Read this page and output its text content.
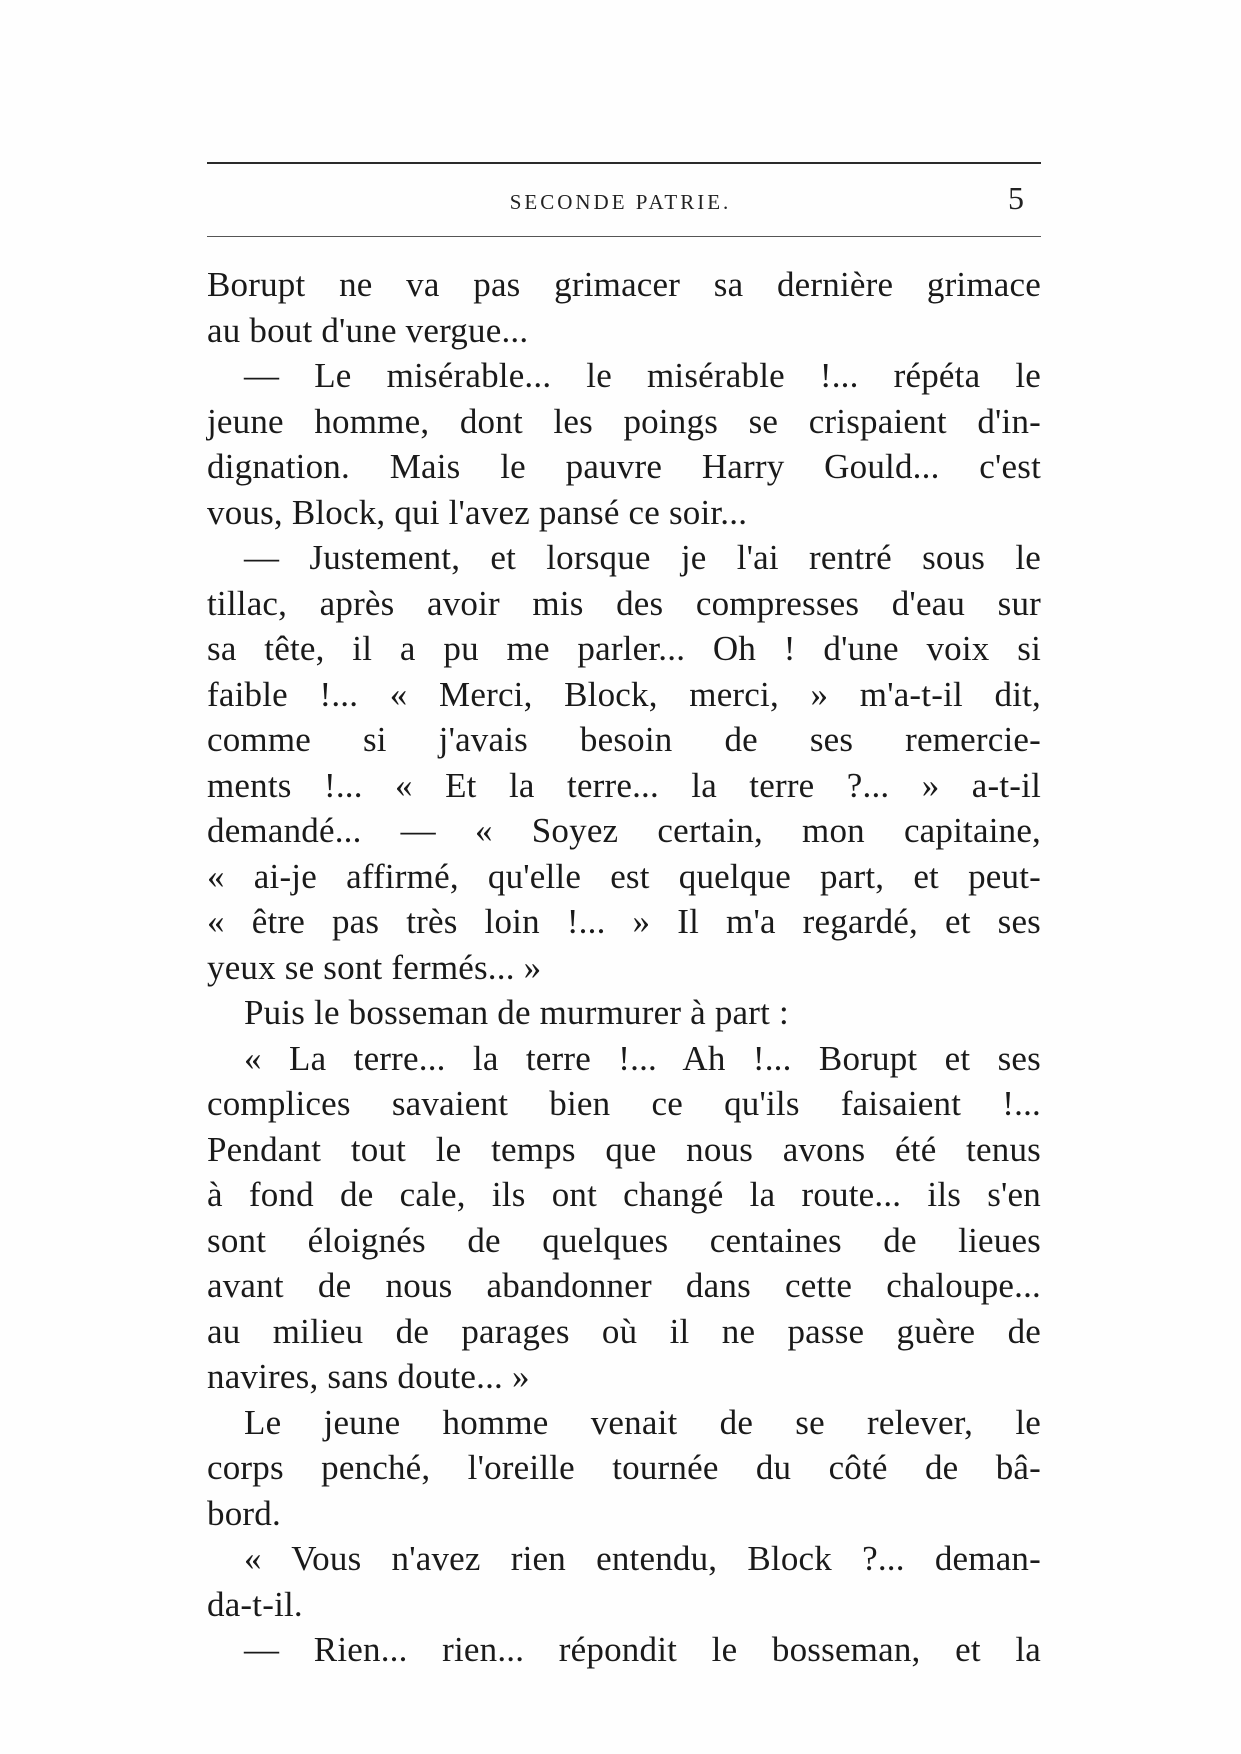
SECONDE PATRIE.	5
Borupt ne va pas grimacer sa dernière grimace
au bout d'une vergue...
— Le misérable... le misérable !... répéta le
jeune homme, dont les poings se crispaient d'in-
dignation. Mais le pauvre Harry Gould... c'est
vous, Block, qui l'avez pansé ce soir...
— Justement, et lorsque je l'ai rentré sous le
tillac, après avoir mis des compresses d'eau sur
sa tête, il a pu me parler... Oh ! d'une voix si
faible !... « Merci, Block, merci, » m'a-t-il dit,
comme si j'avais besoin de ses remercie-
ments !... « Et la terre... la terre ?... » a-t-il
demandé... — « Soyez certain, mon capitaine,
« ai-je affirmé, qu'elle est quelque part, et peut-
« être pas très loin !... » Il m'a regardé, et ses
yeux se sont fermés... »
Puis le bosseman de murmurer à part :
« La terre... la terre !... Ah !... Borupt et ses
complices savaient bien ce qu'ils faisaient !...
Pendant tout le temps que nous avons été tenus
à fond de cale, ils ont changé la route... ils s'en
sont éloignés de quelques centaines de lieues
avant de nous abandonner dans cette chaloupe...
au milieu de parages où il ne passe guère de
navires, sans doute... »
Le jeune homme venait de se relever, le
corps penché, l'oreille tournée du côté de bâ-
bord.
« Vous n'avez rien entendu, Block ?... deman-
da-t-il.
— Rien... rien... répondit le bosseman, et la
